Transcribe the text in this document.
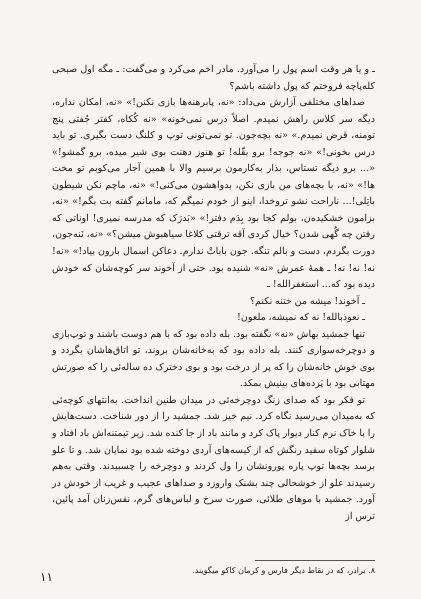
ـ و یا هر وقت اسم پول را می‌آورد. مادر اخم می‌کرد و می‌گفت: ـ مگه اول صبحی کله‌پاچه فروختم که پول داشته باشم؟

صداهای مختلفی آزارش می‌داد: «نه، پابرهنه‌ها بازی نکنن!» «نه، امکان نداره، دیگه سر کلاس راهش نمیدم. اصلاً درس نمی‌خونه» «نه کُکاه، کفتر جُفتی پنج تومنه، قرض نمیدم.» «نه بچه‌جون. تو نمی‌تونی توپ و کلنگ دست بگیری. تو باید درس بخونی!» «نه جوجه! برو بقّله! تو هنوز دهنت بوی شیر میده، برو گمشو!» «... برو دیگه تستاس، بذار به‌کارمون برسیم والا با همین آجار می‌کوبم تو مخت ها!» «نه، با بچه‌های من بازی نکن، بدواهشون می‌کنی!» «نه، ماچم نکن شیطون باتِلی!... ناراحت نشو تروخدا، اینو از خودم نمیگم که، مامانم گفته بت بگم!» «نه، بزامون خشکیده‌ن، بولم کجا بود بِدَم دفتر!» «بَدرَک که مدرسه نمیری! اوناتی که رفتن چه گُهی شدن؟ خیال کردی آقه ترقتی کلاغا سیاهبوش میشن؟» «نه، نَنه‌جون، دورت بگردم، دست و بالم تنگه. جون باباتْ ندارم. دعاکن اسمال بارون بیاد!» «نه! نه! نه! نه! ـ همهٔ عمرش «نه» شنیده بود. حتی از آخوند سر کوچه‌شان که خودش دیده بود که... استغفرالله! ـ

ـ آخوند! میشه من ختنه نکنم؟

ـ نعوذبالله! نه که نمیشه، ملعون!

تنها جمشید بهاش «نه» نگفته بود. بله داده بود که با هم دوست باشند و توپ‌بازی و دوچرخه‌سواری کنند. بله داده بود که به‌خانه‌شان بروند، تو اتاق‌هاشان بگردد و بوی خوش خانه‌شان را که پر از درخت بود و بوی دخترک ده ساله‌ئی را که صورتش مهتابی بود با پَرده‌های بینیش بمکد.

تو فکر بود که صدای زنگ دوچرخه‌ئی در میدان طنین انداخت. به‌انتهای کوچه‌ئی که به‌میدان می‌رسید نگاه کرد. نیم خیز شد. جمشید را از دور شناخت. دست‌هایش را با خاک نرم کنار دیوار پاک کرد و مانند باد از جا کنده شد. زیر تیمتنه‌اش باد افتاد و شلوار کوتاه سفید رنگش که از کیسه‌های آردی دوخته شده بود نمایان شد. و تا علو برسد بچه‌ها توپ پاره پورونشان را ول کردند و دوچرخه را چسبیدند. وقتی به‌هم رسیدند علو از خوشحالی چند بشنک واروزد و صداهای عجیب و غریب از خودش در آورد. جمشید با موهای طلائی، صورت سرخ و لباس‌های گرم، نفس‌زنان آمد پائین، ترس از

۸. برادر، که در نقاط دیگر فارس و کرمان کاکو میگویند.
۱۱
